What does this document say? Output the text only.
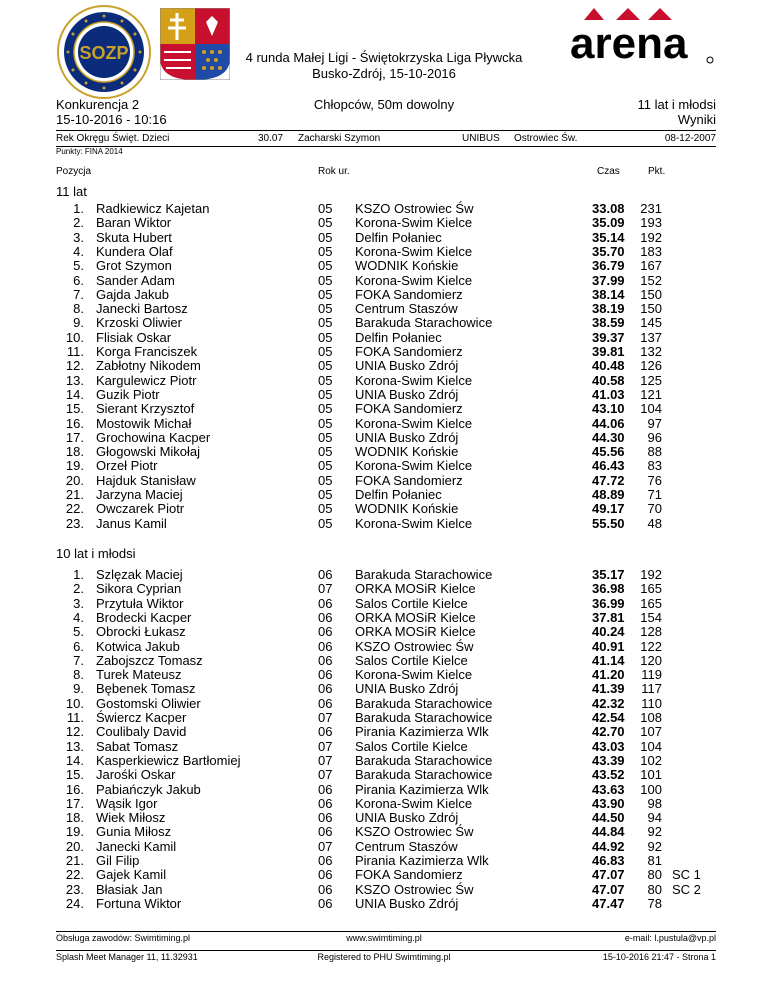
SOZP	arena
4 runda Małej Ligi - Świętokrzyska Liga Pływcka
Busko-Zdrój, 15-10-2016
Konkurencja 2
15-10-2016 - 10:16
Chłopców, 50m dowolny	11 lat i młodsi
Wyniki
Rek Okręgu Święt. Dzieci	30.07 Zacharski Szymon	UNIBUS Ostrowiec Św.	08-12-2007
Punkty: FINA 2014
Pozycja	Rok ur.	Czas	Pkt.
11 lat
1. Radkiewicz Kajetan	05 KSZO Ostrowiec Św	33.08 231
2. Baran Wiktor	05 Korona-Swim Kielce	35.09 193
3. Skuta Hubert	05 Delfin Połaniec	35.14 192
4. Kundera Olaf	05 Korona-Swim Kielce	35.70 183
5. Grot Szymon	05 WODNIK Końskie	36.79 167
6. Sander Adam	05 Korona-Swim Kielce	37.99 152
7. Gajda Jakub	05 FOKA Sandomierz	38.14 150
8. Janecki Bartosz	05 Centrum Staszów	38.19 150
9. Krzoski Oliwier	05 Barakuda Starachowice	38.59 145
10. Flisiak Oskar	05 Delfin Połaniec	39.37 137
11. Korga Franciszek	05 FOKA Sandomierz	39.81 132
12. Zabłotny Nikodem	05 UNIA Busko Zdrój	40.48 126
13. Kargulewicz Piotr	05 Korona-Swim Kielce	40.58 125
14. Guzik Piotr	05 UNIA Busko Zdrój	41.03 121
15. Sierant Krzysztof	05 FOKA Sandomierz	43.10 104
16. Mostowik Michał	05 Korona-Swim Kielce	44.06 97
17. Grochowina Kacper	05 UNIA Busko Zdrój	44.30 96
18. Głogowski Mikołaj	05 WODNIK Końskie	45.56 88
19. Orzeł Piotr	05 Korona-Swim Kielce	46.43 83
20. Hajduk Stanisław	05 FOKA Sandomierz	47.72 76
21. Jarzyna Maciej	05 Delfin Połaniec	48.89 71
22. Owczarek Piotr	05 WODNIK Końskie	49.17 70
23. Janus Kamil	05 Korona-Swim Kielce	55.50 48
10 lat i młodsi
1. Szlęzak Maciej	06 Barakuda Starachowice	35.17 192
2. Sikora Cyprian	07 ORKA MOSiR Kielce	36.98 165
3. Przytuła Wiktor	06 Salos Cortile Kielce	36.99 165
4. Brodecki Kacper	06 ORKA MOSiR Kielce	37.81 154
5. Obrocki Łukasz	06 ORKA MOSiR Kielce	40.24 128
6. Kotwica Jakub	06 KSZO Ostrowiec Św	40.91 122
7. Zabojszcz Tomasz	06 Salos Cortile Kielce	41.14 120
8. Turek Mateusz	06 Korona-Swim Kielce	41.20 119
9. Bębenek Tomasz	06 UNIA Busko Zdrój	41.39 117
10. Gostomski Oliwier	06 Barakuda Starachowice	42.32 110
11. Świercz Kacper	07 Barakuda Starachowice	42.54 108
12. Coulibaly David	06 Pirania Kazimierza Wlk	42.70 107
13. Sabat Tomasz	07 Salos Cortile Kielce	43.03 104
14. Kasperkiewicz Bartłomiej	07 Barakuda Starachowice	43.39 102
15. Jarośki Oskar	07 Barakuda Starachowice	43.52 101
16. Pabiańczyk Jakub	06 Pirania Kazimierza Wlk	43.63 100
17. Wąsik Igor	06 Korona-Swim Kielce	43.90 98
18. Wiek Miłosz	06 UNIA Busko Zdrój	44.50 94
19. Gunia Miłosz	06 KSZO Ostrowiec Św	44.84 92
20. Janecki Kamil	07 Centrum Staszów	44.92 92
21. Gil Filip	06 Pirania Kazimierza Wlk	46.83 81
22. Gajek Kamil	06 FOKA Sandomierz	47.07 80 SC 1
23. Błasiak Jan	06 KSZO Ostrowiec Św	47.07 80 SC 2
24. Fortuna Wiktor	06 UNIA Busko Zdrój	47.47 78
Obsługa zawodów: Swimtiming.pl	www.swimtiming.pl	e-mail: l.pustula@vp.pl
Splash Meet Manager 11, 11.32931	Registered to PHU Swimtiming.pl	15-10-2016 21:47 - Strona 1
